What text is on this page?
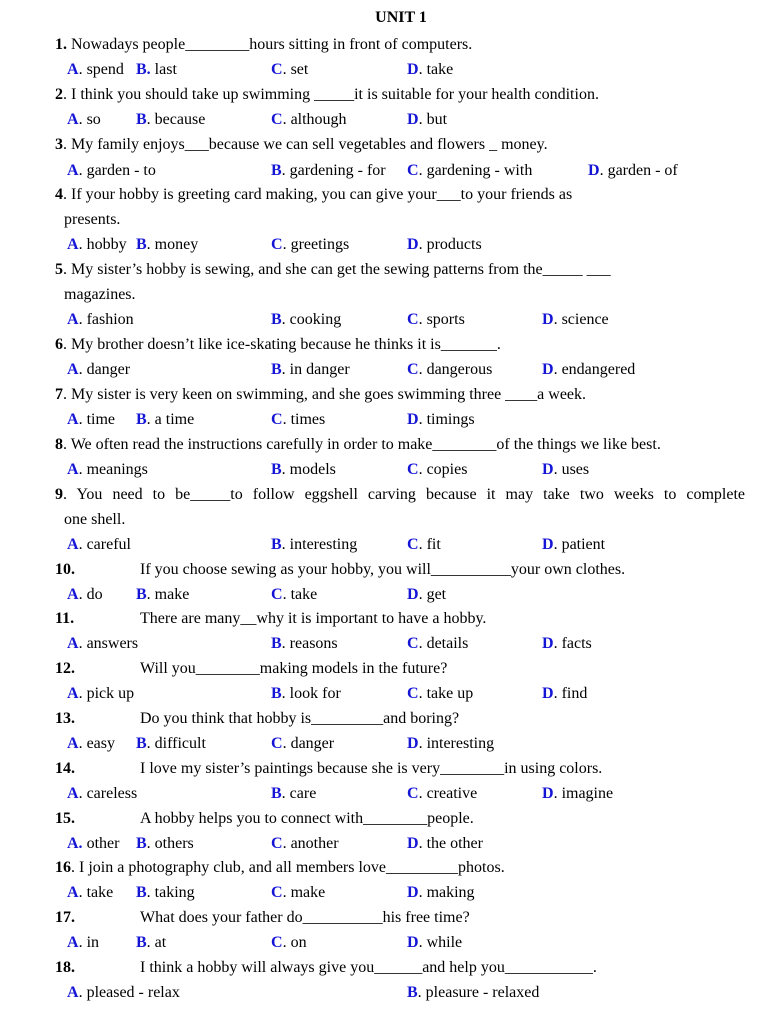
UNIT 1
1. Nowadays people________hours sitting in front of computers.
A. spend B. last	C. set	D. take
2. I think you should take up swimming _____it is suitable for your health condition.
A. so B. because	C. although	D. but
3. My family enjoys___because we can sell vegetables and flowers _ money.
A. garden - to	B. gardening - for C. gardening - with	D. garden - of
4. If your hobby is greeting card making, you can give your___to your friends as
presents.
A. hobby B. money	C. greetings	D. products
5. My sister’s hobby is sewing, and she can get the sewing patterns from the_____ ___
magazines.
A. fashion	B. cooking	C. sports	D. science
6. My brother doesn’t like ice-skating because he thinks it is_______.
A. danger	B. in danger	C. dangerous	D. endangered
7. My sister is very keen on swimming, and she goes swimming three ____a week.
A. time B. a time	C. times	D. timings
8. We often read the instructions carefully in order to make________of the things we like best.
A. meanings	B. models	C. copies	D. uses
9. You need to be_____to follow eggshell carving because it may take two weeks to complete
one shell.
A. careful	B. interesting	C. fit	D. patient
10.	If you choose sewing as your hobby, you will__________your own clothes.
A. do B. make	C. take	D. get
11.	There are many__why it is important to have a hobby.
A. answers	B. reasons	C. details	D. facts
12.	Will you________making models in the future?
A. pick up	B. look for	C. take up	D. find
13.	Do you think that hobby is_________and boring?
A. easy B. difficult	C. danger	D. interesting
14.	I love my sister’s paintings because she is very________in using colors.
A. careless	B. care	C. creative	D. imagine
15.	A hobby helps you to connect with________people.
A. other B. others	C. another	D. the other
16. I join a photography club, and all members love_________photos.
A. take B. taking	C. make	D. making
17.	What does your father do__________his free time?
A. in B. at	C. on	D. while
18.	I think a hobby will always give you______and help you___________.
A. pleased - relax	B. pleasure - relaxed
